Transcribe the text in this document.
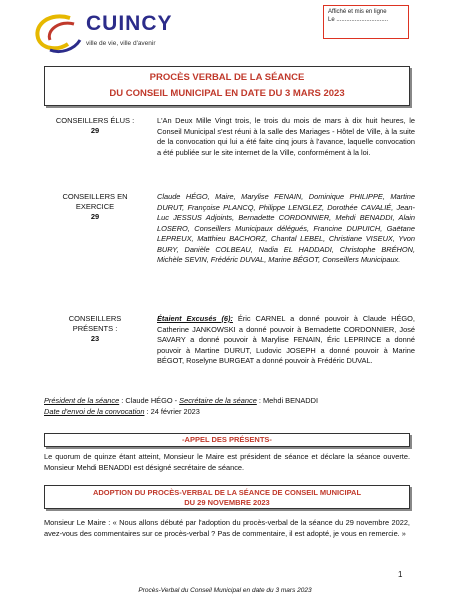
CUINCY
ville de vie, ville d'avenir
Affiché et mis en ligne
Le ...............................
PROCÈS VERBAL DE LA SÉANCE
DU CONSEIL MUNICIPAL EN DATE DU 3 MARS 2023
CONSEILLERS ÉLUS :
29
L'An Deux Mille Vingt trois, le trois du mois de mars à dix huit heures, le Conseil Municipal s'est réuni à la salle des Mariages - Hôtel de Ville, à la suite de la convocation qui lui a été faite cinq jours à l'avance, laquelle convocation a été publiée sur le site internet de la Ville, conformément à la loi.
CONSEILLERS EN
EXERCICE
29
Claude HÉGO, Maire, Marylise FENAIN, Dominique PHILIPPE, Martine DURUT, Françoise PLANCQ, Philippe LENGLEZ, Dorothée CAVALIÉ, Jean-Luc JESSUS Adjoints, Bernadette CORDONNIER, Mehdi BENADDI, Alain LOSERO, Conseillers Municipaux délégués, Francine DUPUICH, Gaëtane LEPREUX, Matthieu BACHORZ, Chantal LEBEL, Christiane VISEUX, Yvon BURY, Danièle COLBEAU, Nadia EL HADDADI, Christophe BRÉHON, Michèle SEVIN, Frédéric DUVAL, Marine BÉGOT, Conseillers Municipaux.
CONSEILLERS
PRÉSENTS :
23
Étaient Excusés (6): Éric CARNEL a donné pouvoir à Claude HÉGO, Catherine JANKOWSKI a donné pouvoir à Bernadette CORDONNIER, José SAVARY a donné pouvoir à Marylise FENAIN, Éric LEPRINCE a donné pouvoir à Martine DURUT, Ludovic JOSEPH a donné pouvoir à Marine BÉGOT, Roselyne BURGEAT a donné pouvoir à Frédéric DUVAL.
Président de la séance : Claude HÉGO - Secrétaire de la séance : Mehdi BENADDI
Date d'envoi de la convocation : 24 février 2023
-APPEL DES PRÉSENTS-
Le quorum de quinze étant atteint, Monsieur le Maire est président de séance et déclare la séance ouverte. Monsieur Mehdi BENADDI est désigné secrétaire de séance.
ADOPTION DU PROCÈS-VERBAL DE LA SÉANCE DE CONSEIL MUNICIPAL
DU 29 NOVEMBRE 2023
Monsieur Le Maire : « Nous allons débuté par l'adoption du procès-verbal de la séance du 29 novembre 2022, avez-vous des commentaires sur ce procès-verbal ? Pas de commentaire, il est adopté, je vous en remercie. »
1
Procès-Verbal du Conseil Municipal en date du 3 mars 2023
